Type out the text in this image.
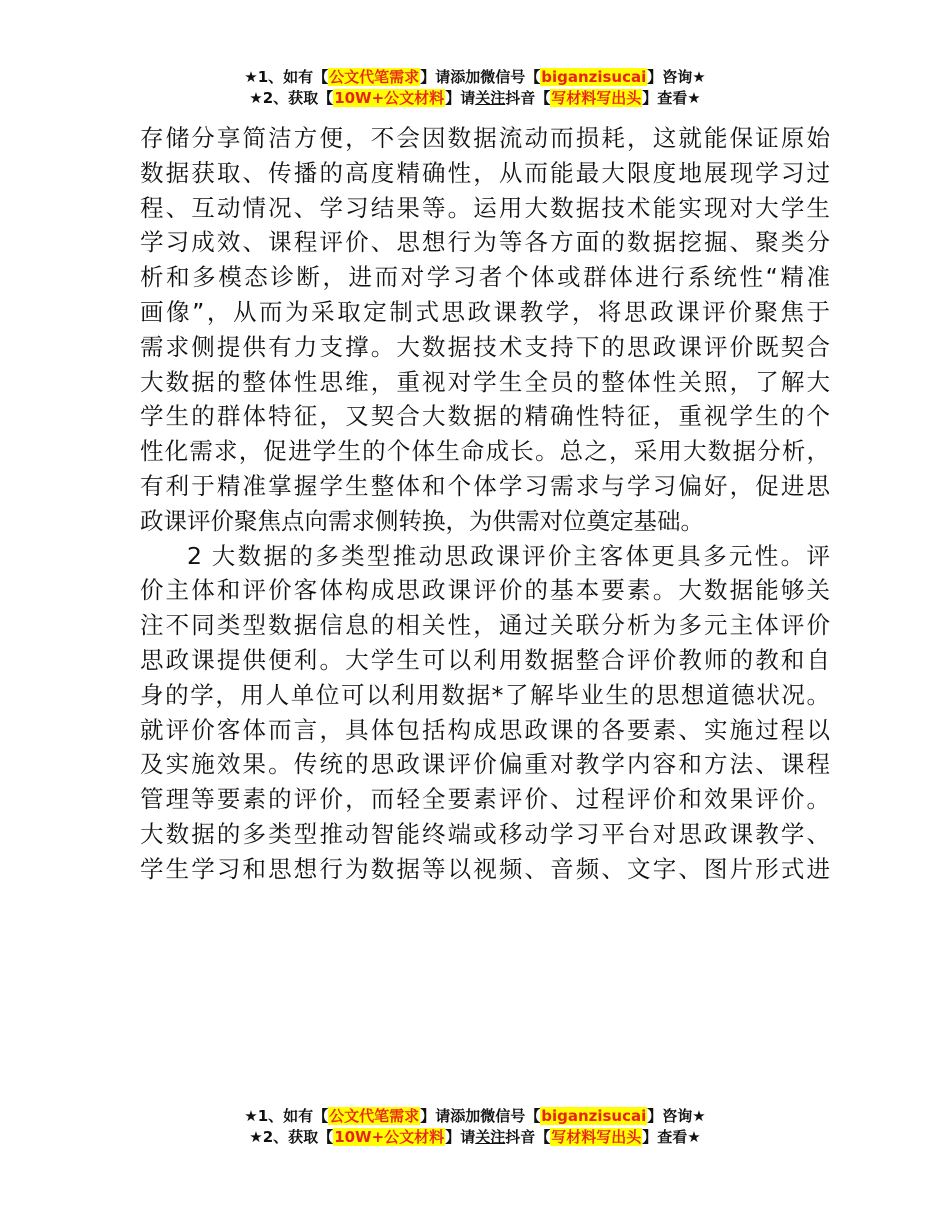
★1、如有【公文代笔需求】请添加微信号【biganzisucai】咨询★
★2、获取【10W+公文材料】请关注抖音【写材料写出头】查看★
存储分享简洁方便，不会因数据流动而损耗，这就能保证原始
数据获取、传播的高度精确性，从而能最大限度地展现学习过
程、互动情况、学习结果等。运用大数据技术能实现对大学生
学习成效、课程评价、思想行为等各方面的数据挖掘、聚类分
析和多模态诊断，进而对学习者个体或群体进行系统性“精准
画像”，从而为采取定制式思政课教学，将思政课评价聚焦于
需求侧提供有力支撑。大数据技术支持下的思政课评价既契合
大数据的整体性思维，重视对学生全员的整体性关照，了解大
学生的群体特征，又契合大数据的精确性特征，重视学生的个
性化需求，促进学生的个体生命成长。总之，采用大数据分析，
有利于精准掌握学生整体和个体学习需求与学习偏好，促进思
政课评价聚焦点向需求侧转换，为供需对位奠定基础。
2 大数据的多类型推动思政课评价主客体更具多元性。评
价主体和评价客体构成思政课评价的基本要素。大数据能够关
注不同类型数据信息的相关性，通过关联分析为多元主体评价
思政课提供便利。大学生可以利用数据整合评价教师的教和自
身的学，用人单位可以利用数据*了解毕业生的思想道德状况。
就评价客体而言，具体包括构成思政课的各要素、实施过程以
及实施效果。传统的思政课评价偏重对教学内容和方法、课程
管理等要素的评价，而轻全要素评价、过程评价和效果评价。
大数据的多类型推动智能终端或移动学习平台对思政课教学、
学生学习和思想行为数据等以视频、音频、文字、图片形式进
★1、如有【公文代笔需求】请添加微信号【biganzisucai】咨询★
★2、获取【10W+公文材料】请关注抖音【写材料写出头】查看★
